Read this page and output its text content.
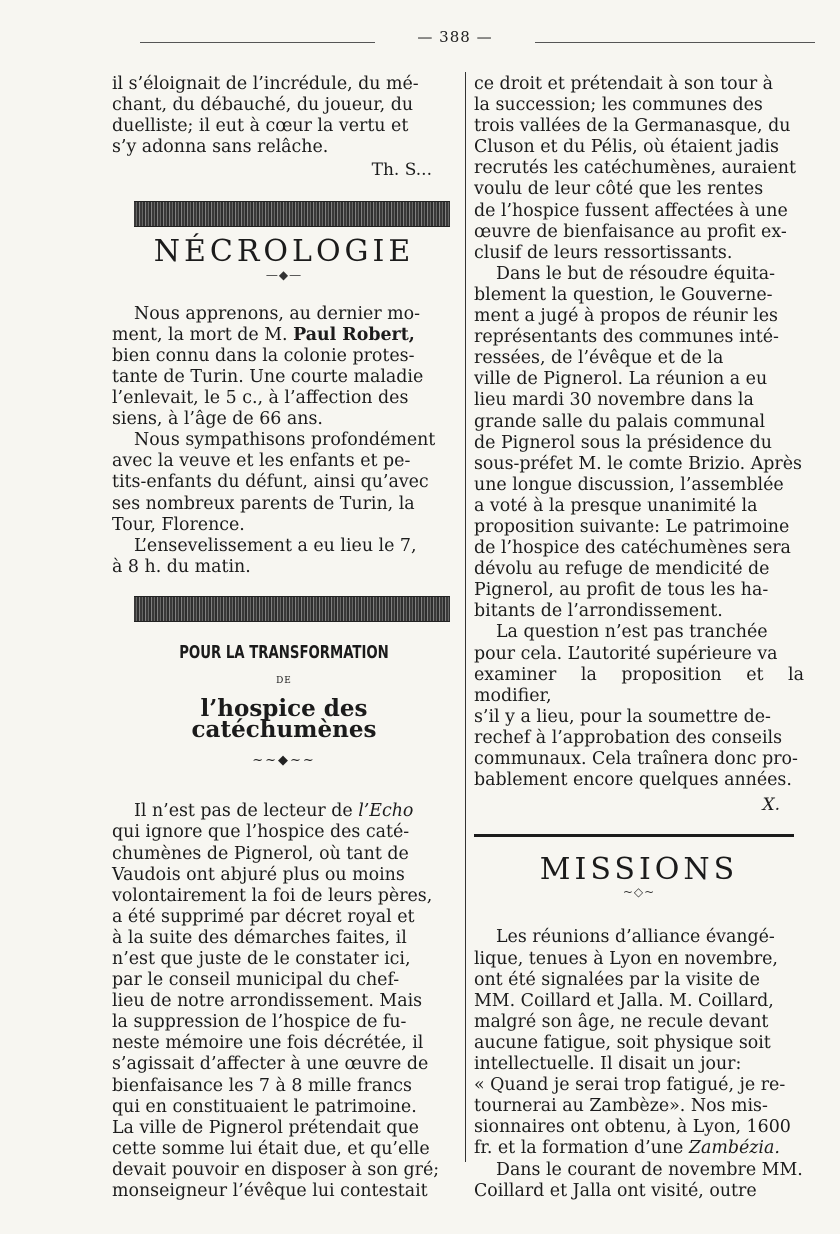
— 388 —

il s’éloignait de l’incrédule, du mé-

chant, du débauché, du joueur, du

duelliste; il eut à cœur la vertu et

s’y adonna sans relâche.

Th. S...
NÉCROLOGIE
—◆—

Nous apprenons, au dernier mo-

ment, la mort de M. Paul Robert,

bien connu dans la colonie protes-

tante de Turin. Une courte maladie

l’enlevait, le 5 c., à l’affection des

siens, à l’âge de 66 ans.

Nous sympathisons profondément

avec la veuve et les enfants et pe-

tits-enfants du défunt, ainsi qu’avec

ses nombreux parents de Turin, la

Tour, Florence.

L’ensevelissement a eu lieu le 7,

à 8 h. du matin.

POUR LA TRANSFORMATION
DE
l’hospice des catéchumènes
~~◆~~

Il n’est pas de lecteur de l’Echo

qui ignore que l’hospice des caté-

chumènes de Pignerol, où tant de

Vaudois ont abjuré plus ou moins

volontairement la foi de leurs pères,

a été supprimé par décret royal et

à la suite des démarches faites, il

n’est que juste de le constater ici,

par le conseil municipal du chef-

lieu de notre arrondissement. Mais

la suppression de l’hospice de fu-

neste mémoire une fois décrétée, il

s’agissait d’affecter à une œuvre de

bienfaisance les 7 à 8 mille francs

qui en constituaient le patrimoine.

La ville de Pignerol prétendait que

cette somme lui était due, et qu’elle

devait pouvoir en disposer à son gré;

monseigneur l’évêque lui contestait

ce droit et prétendait à son tour à

la succession; les communes des

trois vallées de la Germanasque, du

Cluson et du Pélis, où étaient jadis

recrutés les catéchumènes, auraient

voulu de leur côté que les rentes

de l’hospice fussent affectées à une

œuvre de bienfaisance au profit ex-

clusif de leurs ressortissants.

Dans le but de résoudre équita-

blement la question, le Gouverne-

ment a jugé à propos de réunir les

représentants des communes inté-

ressées, de l’évêque et de la

ville de Pignerol. La réunion a eu

lieu mardi 30 novembre dans la

grande salle du palais communal

de Pignerol sous la présidence du

sous-préfet M. le comte Brizio. Après

une longue discussion, l’assemblée

a voté à la presque unanimité la

proposition suivante: Le patrimoine

de l’hospice des catéchumènes sera

dévolu au refuge de mendicité de

Pignerol, au profit de tous les ha-

bitants de l’arrondissement.

La question n’est pas tranchée

pour cela. L’autorité supérieure va

examiner la proposition et la modifier,

s’il y a lieu, pour la soumettre de-

rechef à l’approbation des conseils

communaux. Cela traînera donc pro-

bablement encore quelques années.

X.
MISSIONS
~◇~

Les réunions d’alliance évangé-

lique, tenues à Lyon en novembre,

ont été signalées par la visite de

MM. Coillard et Jalla. M. Coillard,

malgré son âge, ne recule devant

aucune fatigue, soit physique soit

intellectuelle. Il disait un jour:

« Quand je serai trop fatigué, je re-

tournerai au Zambèze». Nos mis-

sionnaires ont obtenu, à Lyon, 1600

fr. et la formation d’une Zambézia.

Dans le courant de novembre MM.

Coillard et Jalla ont visité, outre
